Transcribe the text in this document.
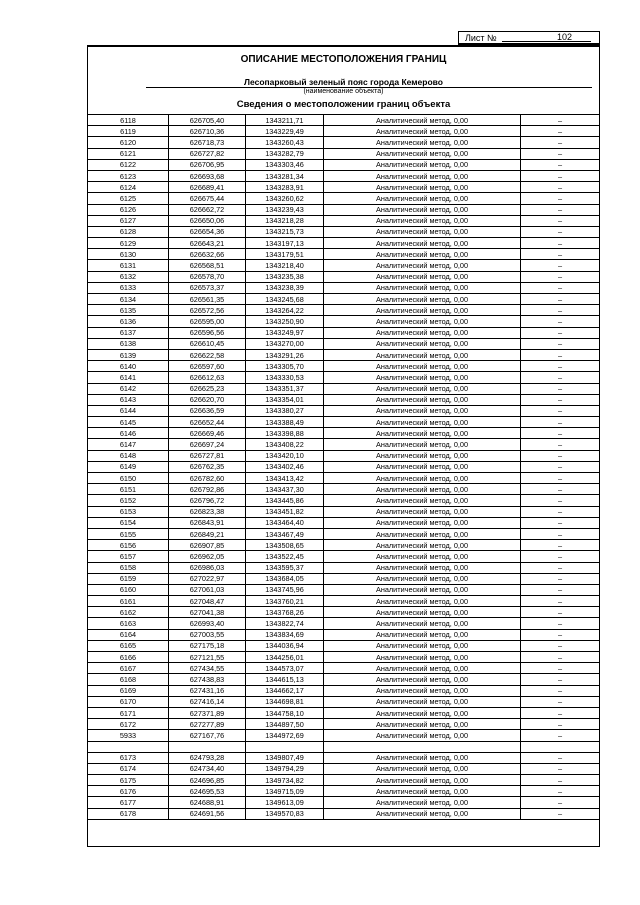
Лист №	102
ОПИСАНИЕ МЕСТОПОЛОЖЕНИЯ ГРАНИЦ
Лесопарковый зеленый пояс города Кемерово
(наименование объекта)
Сведения о местоположении границ объекта
6118	626705,40	1343211,71	Аналитический метод, 0,00	–
6119	626710,36	1343229,49	Аналитический метод, 0,00	–
6120	626718,73	1343260,43	Аналитический метод, 0,00	–
6121	626727,82	1343282,79	Аналитический метод, 0,00	–
6122	626706,95	1343303,46	Аналитический метод, 0,00	–
6123	626693,68	1343281,34	Аналитический метод, 0,00	–
6124	626689,41	1343283,91	Аналитический метод, 0,00	–
6125	626675,44	1343260,62	Аналитический метод, 0,00	–
6126	626662,72	1343239,43	Аналитический метод, 0,00	–
6127	626650,06	1343218,28	Аналитический метод, 0,00	–
6128	626654,36	1343215,73	Аналитический метод, 0,00	–
6129	626643,21	1343197,13	Аналитический метод, 0,00	–
6130	626632,66	1343179,51	Аналитический метод, 0,00	–
6131	626568,51	1343218,40	Аналитический метод, 0,00	–
6132	626578,70	1343235,38	Аналитический метод, 0,00	–
6133	626573,37	1343238,39	Аналитический метод, 0,00	–
6134	626561,35	1343245,68	Аналитический метод, 0,00	–
6135	626572,56	1343264,22	Аналитический метод, 0,00	–
6136	626595,00	1343250,90	Аналитический метод, 0,00	–
6137	626596,56	1343249,97	Аналитический метод, 0,00	–
6138	626610,45	1343270,00	Аналитический метод, 0,00	–
6139	626622,58	1343291,26	Аналитический метод, 0,00	–
6140	626597,60	1343305,70	Аналитический метод, 0,00	–
6141	626612,63	1343330,53	Аналитический метод, 0,00	–
6142	626625,23	1343351,37	Аналитический метод, 0,00	–
6143	626620,70	1343354,01	Аналитический метод, 0,00	–
6144	626636,59	1343380,27	Аналитический метод, 0,00	–
6145	626652,44	1343388,49	Аналитический метод, 0,00	–
6146	626669,46	1343398,88	Аналитический метод, 0,00	–
6147	626697,24	1343408,22	Аналитический метод, 0,00	–
6148	626727,81	1343420,10	Аналитический метод, 0,00	–
6149	626762,35	1343402,46	Аналитический метод, 0,00	–
6150	626782,60	1343413,42	Аналитический метод, 0,00	–
6151	626792,86	1343437,30	Аналитический метод, 0,00	–
6152	626796,72	1343445,86	Аналитический метод, 0,00	–
6153	626823,38	1343451,82	Аналитический метод, 0,00	–
6154	626843,91	1343464,40	Аналитический метод, 0,00	–
6155	626849,21	1343467,49	Аналитический метод, 0,00	–
6156	626907,85	1343508,65	Аналитический метод, 0,00	–
6157	626962,05	1343522,45	Аналитический метод, 0,00	–
6158	626986,03	1343595,37	Аналитический метод, 0,00	–
6159	627022,97	1343684,05	Аналитический метод, 0,00	–
6160	627061,03	1343745,96	Аналитический метод, 0,00	–
6161	627048,47	1343760,21	Аналитический метод, 0,00	–
6162	627041,38	1343768,26	Аналитический метод, 0,00	–
6163	626993,40	1343822,74	Аналитический метод, 0,00	–
6164	627003,55	1343834,69	Аналитический метод, 0,00	–
6165	627175,18	1344036,94	Аналитический метод, 0,00	–
6166	627121,55	1344256,01	Аналитический метод, 0,00	–
6167	627434,55	1344573,07	Аналитический метод, 0,00	–
6168	627438,83	1344615,13	Аналитический метод, 0,00	–
6169	627431,16	1344662,17	Аналитический метод, 0,00	–
6170	627416,14	1344698,81	Аналитический метод, 0,00	–
6171	627371,89	1344758,10	Аналитический метод, 0,00	–
6172	627277,89	1344897,50	Аналитический метод, 0,00	–
5933	627167,76	1344972,69	Аналитический метод, 0,00	–

6173	624793,28	1349807,49	Аналитический метод, 0,00	–
6174	624734,40	1349794,29	Аналитический метод, 0,00	–
6175	624696,85	1349734,82	Аналитический метод, 0,00	–
6176	624695,53	1349715,09	Аналитический метод, 0,00	–
6177	624688,91	1349613,09	Аналитический метод, 0,00	–
6178	624691,56	1349570,83	Аналитический метод, 0,00	–
